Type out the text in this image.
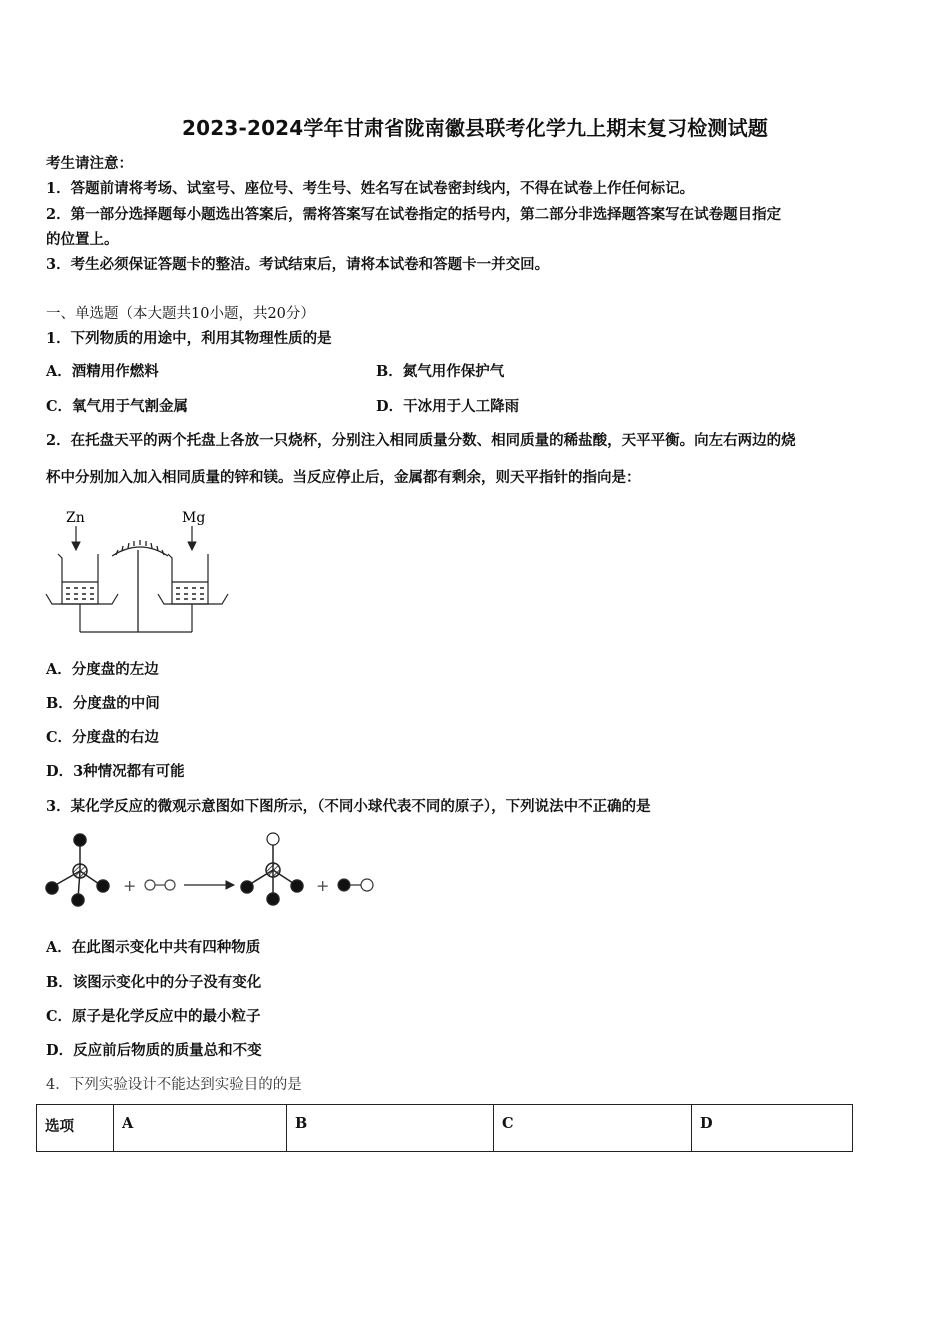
2023-2024学年甘肃省陇南徽县联考化学九上期末复习检测试题
考生请注意：
1．答题前请将考场、试室号、座位号、考生号、姓名写在试卷密封线内，不得在试卷上作任何标记。
2．第一部分选择题每小题选出答案后，需将答案写在试卷指定的括号内，第二部分非选择题答案写在试卷题目指定
的位置上。
3．考生必须保证答题卡的整洁。考试结束后，请将本试卷和答题卡一并交回。
一、单选题（本大题共10小题，共20分）
1．下列物质的用途中，利用其物理性质的是
A．酒精用作燃料	B．氮气用作保护气
C．氧气用于气割金属	D．干冰用于人工降雨
2．在托盘天平的两个托盘上各放一只烧杯，分别注入相同质量分数、相同质量的稀盐酸，天平平衡。向左右两边的烧
杯中分别加入加入相同质量的锌和镁。当反应停止后，金属都有剩余，则天平指针的指向是：
Zn	Mg
A．分度盘的左边
B．分度盘的中间
C．分度盘的右边
D．3种情况都有可能
3．某化学反应的微观示意图如下图所示，（不同小球代表不同的原子），下列说法中不正确的是
+	+
A．在此图示变化中共有四种物质
B．该图示变化中的分子没有变化
C．原子是化学反应中的最小粒子
D．反应前后物质的质量总和不变
4．下列实验设计不能达到实验目的的是
选项	A	B	C	D
